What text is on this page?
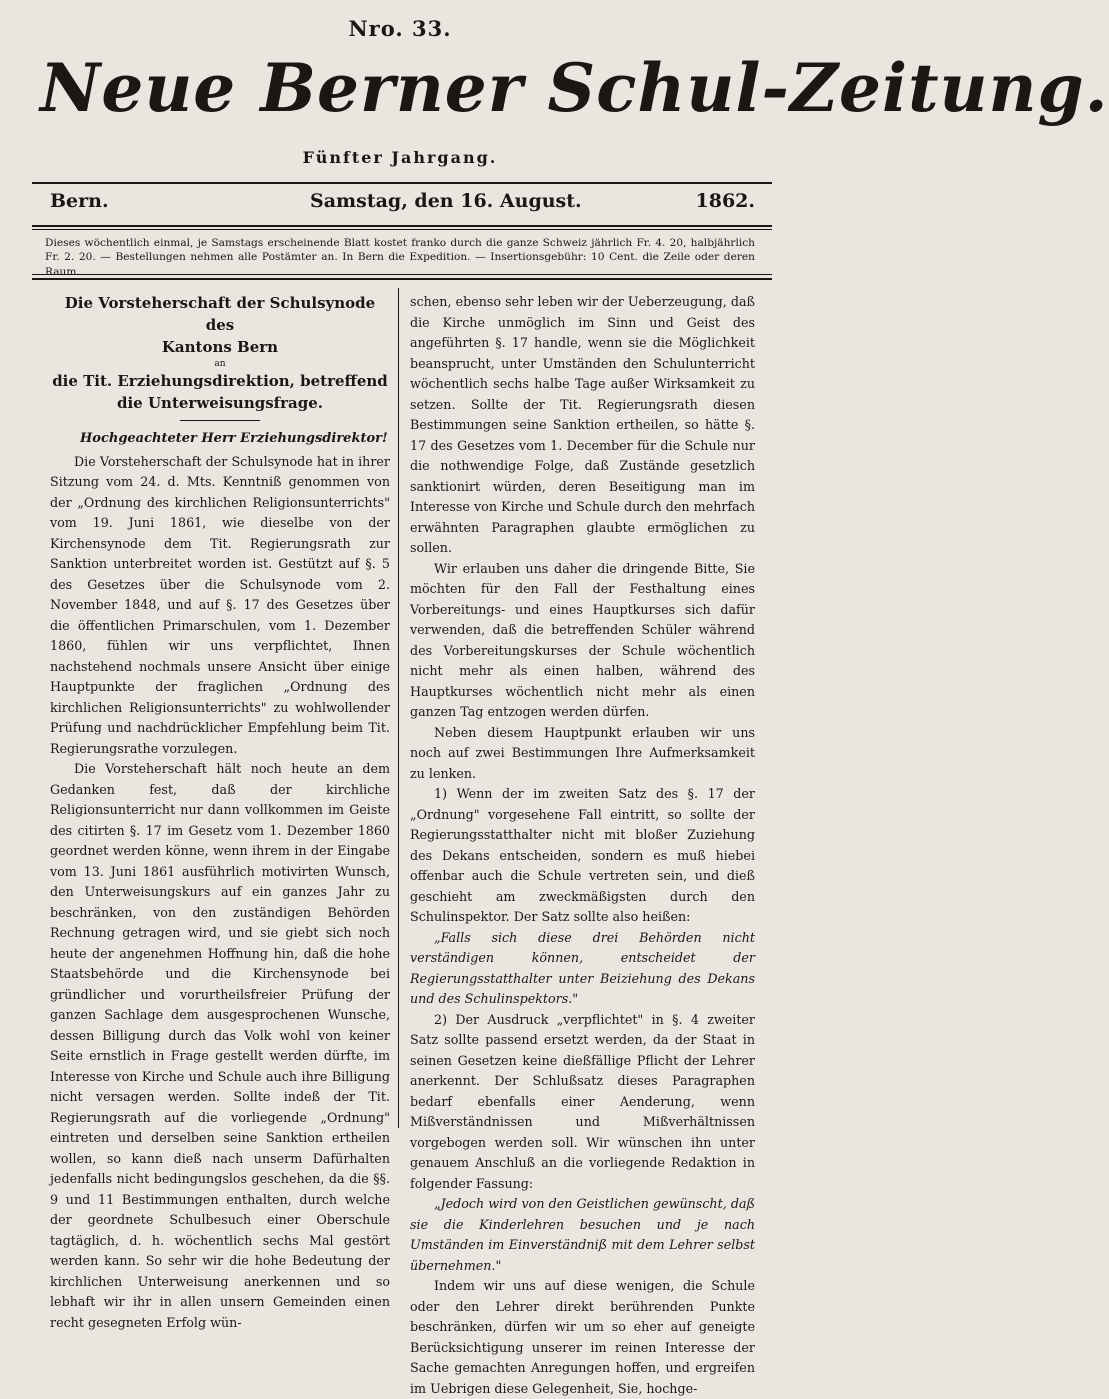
Nro. 33.
Neue Berner Schul-Zeitung.
Fünfter Jahrgang.
Bern.	Samstag, den 16. August.	1862.
Dieses wöchentlich einmal, je Samstags erscheinende Blatt kostet franko durch die ganze Schweiz jährlich Fr. 4. 20, halbjährlich Fr. 2. 20. — Bestellungen nehmen alle Postämter an. In Bern die Expedition. — Insertionsgebühr: 10 Cent. die Zeile oder deren Raum.
Die Vorsteherschaft der Schulsynode des
Kantons Bern
an
die Tit. Erziehungsdirektion, betreffend die Unterweisungsfrage.
Hochgeachteter Herr Erziehungsdirektor!

Die Vorsteherschaft der Schulsynode hat in ihrer Sitzung vom 24. d. Mts. Kenntniß genommen von der „Ordnung des kirchlichen Religionsunterrichts" vom 19. Juni 1861, wie dieselbe von der Kirchensynode dem Tit. Regierungsrath zur Sanktion unterbreitet worden ist. Gestützt auf §. 5 des Gesetzes über die Schulsynode vom 2. November 1848, und auf §. 17 des Gesetzes über die öffentlichen Primarschulen, vom 1. Dezember 1860, fühlen wir uns verpflichtet, Ihnen nachstehend nochmals unsere Ansicht über einige Hauptpunkte der fraglichen „Ordnung des kirchlichen Religionsunterrichts" zu wohlwollender Prüfung und nachdrücklicher Empfehlung beim Tit. Regierungsrathe vorzulegen.

Die Vorsteherschaft hält noch heute an dem Gedanken fest, daß der kirchliche Religionsunterricht nur dann vollkommen im Geiste des citirten §. 17 im Gesetz vom 1. Dezember 1860 geordnet werden könne, wenn ihrem in der Eingabe vom 13. Juni 1861 ausführlich motivirten Wunsch, den Unterweisungskurs auf ein ganzes Jahr zu beschränken, von den zuständigen Behörden Rechnung getragen wird, und sie giebt sich noch heute der angenehmen Hoffnung hin, daß die hohe Staatsbehörde und die Kirchensynode bei gründlicher und vorurtheilsfreier Prüfung der ganzen Sachlage dem ausgesprochenen Wunsche, dessen Billigung durch das Volk wohl von keiner Seite ernstlich in Frage gestellt werden dürfte, im Interesse von Kirche und Schule auch ihre Billigung nicht versagen werden. Sollte indeß der Tit. Regierungsrath auf die vorliegende „Ordnung" eintreten und derselben seine Sanktion ertheilen wollen, so kann dieß nach unserm Dafürhalten jedenfalls nicht bedingungslos geschehen, da die §§. 9 und 11 Bestimmungen enthalten, durch welche der geordnete Schulbesuch einer Oberschule tagtäglich, d. h. wöchentlich sechs Mal gestört werden kann. So sehr wir die hohe Bedeutung der kirchlichen Unterweisung anerkennen und so lebhaft wir ihr in allen unsern Gemeinden einen recht gesegneten Erfolg wün-

schen, ebenso sehr leben wir der Ueberzeugung, daß die Kirche unmöglich im Sinn und Geist des angeführten §. 17 handle, wenn sie die Möglichkeit beansprucht, unter Umständen den Schulunterricht wöchentlich sechs halbe Tage außer Wirksamkeit zu setzen. Sollte der Tit. Regierungsrath diesen Bestimmungen seine Sanktion ertheilen, so hätte §. 17 des Gesetzes vom 1. December für die Schule nur die nothwendige Folge, daß Zustände gesetzlich sanktionirt würden, deren Beseitigung man im Interesse von Kirche und Schule durch den mehrfach erwähnten Paragraphen glaubte ermöglichen zu sollen.

Wir erlauben uns daher die dringende Bitte, Sie möchten für den Fall der Festhaltung eines Vorbereitungs- und eines Hauptkurses sich dafür verwenden, daß die betreffenden Schüler während des Vorbereitungskurses der Schule wöchentlich nicht mehr als einen halben, während des Hauptkurses wöchentlich nicht mehr als einen ganzen Tag entzogen werden dürfen.

Neben diesem Hauptpunkt erlauben wir uns noch auf zwei Bestimmungen Ihre Aufmerksamkeit zu lenken.

1) Wenn der im zweiten Satz des §. 17 der „Ordnung" vorgesehene Fall eintritt, so sollte der Regierungsstatthalter nicht mit bloßer Zuziehung des Dekans entscheiden, sondern es muß hiebei offenbar auch die Schule vertreten sein, und dieß geschieht am zweckmäßigsten durch den Schulinspektor. Der Satz sollte also heißen:

„Falls sich diese drei Behörden nicht verständigen können, entscheidet der Regierungsstatthalter unter Beiziehung des Dekans und des Schulinspektors."

2) Der Ausdruck „verpflichtet" in §. 4 zweiter Satz sollte passend ersetzt werden, da der Staat in seinen Gesetzen keine dießfällige Pflicht der Lehrer anerkennt. Der Schlußsatz dieses Paragraphen bedarf ebenfalls einer Aenderung, wenn Mißverständnissen und Mißverhältnissen vorgebogen werden soll. Wir wünschen ihn unter genauem Anschluß an die vorliegende Redaktion in folgender Fassung:

„Jedoch wird von den Geistlichen gewünscht, daß sie die Kinderlehren besuchen und je nach Umständen im Einverständniß mit dem Lehrer selbst übernehmen."

Indem wir uns auf diese wenigen, die Schule oder den Lehrer direkt berührenden Punkte beschränken, dürfen wir um so eher auf geneigte Berücksichtigung unserer im reinen Interesse der Sache gemachten Anregungen hoffen, und ergreifen im Uebrigen diese Gelegenheit, Sie, hochge-
